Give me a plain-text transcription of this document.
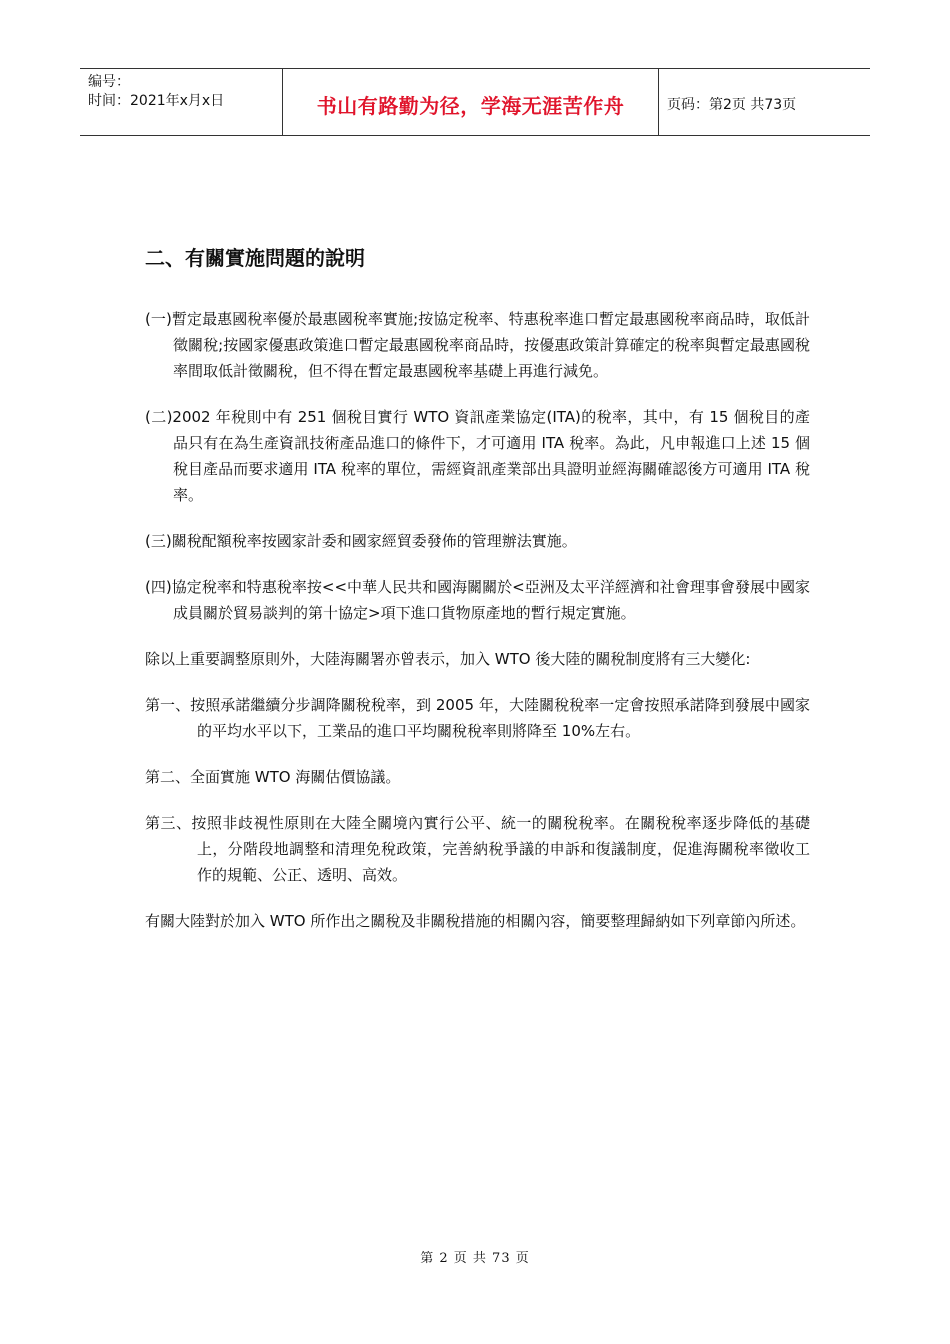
编号：
时间：2021年x月x日	书山有路勤为径，学海无涯苦作舟	页码：第2页 共73页
二、有關實施問題的說明

(一)暫定最惠國稅率優於最惠國稅率實施;按協定稅率、特惠稅率進口暫定最惠國稅率商品時，取低計徵關稅;按國家優惠政策進口暫定最惠國稅率商品時，按優惠政策計算確定的稅率與暫定最惠國稅率間取低計徵關稅，但不得在暫定最惠國稅率基礎上再進行減免。

(二)2002 年稅則中有 251 個稅目實行 WTO 資訊產業協定(ITA)的稅率，其中，有 15 個稅目的產品只有在為生產資訊技術產品進口的條件下，才可適用 ITA 稅率。為此，凡申報進口上述 15 個稅目產品而要求適用 ITA 稅率的單位，需經資訊產業部出具證明並經海關確認後方可適用 ITA 稅率。

(三)關稅配額稅率按國家計委和國家經貿委發佈的管理辦法實施。

(四)協定稅率和特惠稅率按<<中華人民共和國海關關於<亞洲及太平洋經濟和社會理事會發展中國家成員關於貿易談判的第十協定>項下進口貨物原產地的暫行規定實施。

除以上重要調整原則外，大陸海關署亦曾表示，加入 WTO 後大陸的關稅制度將有三大變化:

第一、按照承諾繼續分步調降關稅稅率，到 2005 年，大陸關稅稅率一定會按照承諾降到發展中國家的平均水平以下，工業品的進口平均關稅稅率則將降至 10%左右。

第二、全面實施 WTO 海關估價協議。

第三、按照非歧視性原則在大陸全關境內實行公平、統一的關稅稅率。在關稅稅率逐步降低的基礎上，分階段地調整和清理免稅政策，完善納稅爭議的申訴和復議制度，促進海關稅率徵收工作的規範、公正、透明、高效。

有關大陸對於加入 WTO 所作出之關稅及非關稅措施的相關內容，簡要整理歸納如下列章節內所述。

第 2 页 共 73 页
